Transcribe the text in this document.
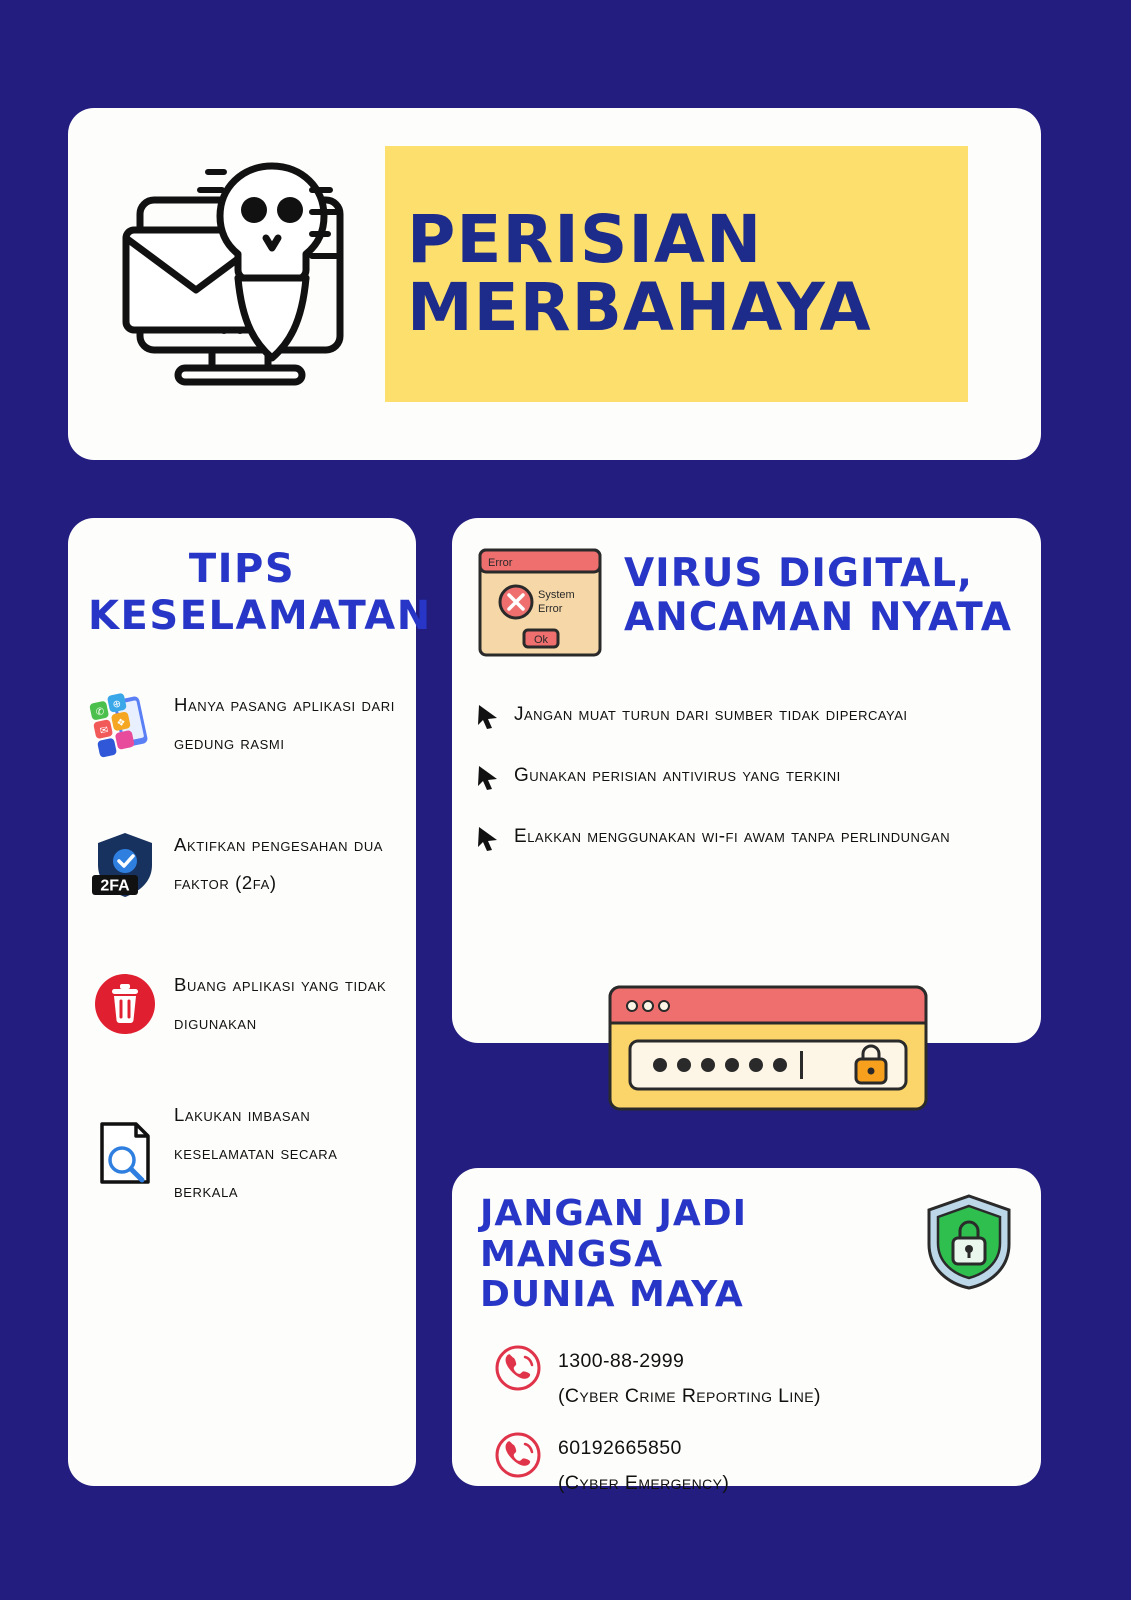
PERISIAN
MERBAHAYA
TIPS
KESELAMATAN
✆
⊕
✉
❖
Hanya pasang aplikasi dari gedung rasmi
2FA
Aktifkan pengesahan dua faktor (2fa)
Buang aplikasi yang tidak digunakan
Lakukan imbasan keselamatan secara berkala
Error
System
Error
Ok
VIRUS DIGITAL,
ANCAMAN NYATA
Jangan muat turun dari sumber tidak dipercayai
Gunakan perisian antivirus yang terkini
Elakkan menggunakan wi-fi awam tanpa perlindungan
JANGAN JADI MANGSA
DUNIA MAYA
1300-88-2999
(Cyber Crime Reporting Line)
60192665850
(Cyber Emergency)
